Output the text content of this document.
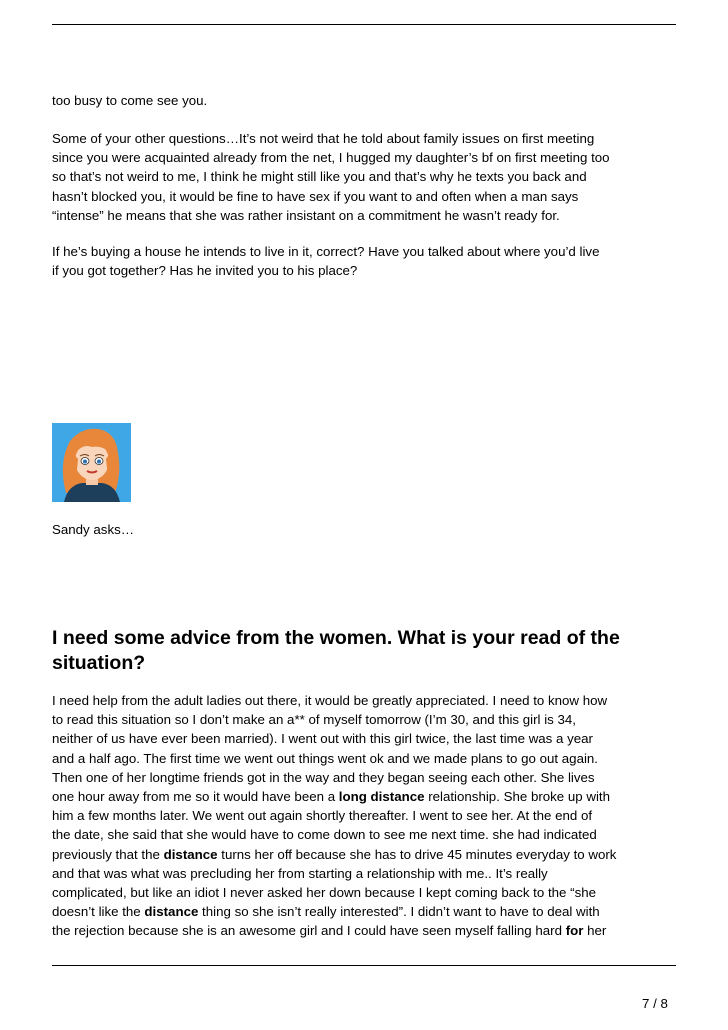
too busy to come see you.
Some of your other questions…It’s not weird that he told about family issues on first meeting
since you were acquainted already from the net, I hugged my daughter’s bf on first meeting too
so that’s not weird to me, I think he might still like you and that’s why he texts you back and
hasn’t blocked you, it would be fine to have sex if you want to and often when a man says
“intense” he means that she was rather insistant on a commitment he wasn’t ready for.
If he’s buying a house he intends to live in it, correct? Have you talked about where you’d live
if you got together? Has he invited you to his place?
Sandy asks…
I need some advice from the women. What is your read of the
situation?
I need help from the adult ladies out there, it would be greatly appreciated. I need to know how
to read this situation so I don’t make an a** of myself tomorrow (I’m 30, and this girl is 34,
neither of us have ever been married). I went out with this girl twice, the last time was a year
and a half ago. The first time we went out things went ok and we made plans to go out again.
Then one of her longtime friends got in the way and they began seeing each other. She lives
one hour away from me so it would have been a long distance relationship. She broke up with
him a few months later. We went out again shortly thereafter. I went to see her. At the end of
the date, she said that she would have to come down to see me next time. she had indicated
previously that the distance turns her off because she has to drive 45 minutes everyday to work
and that was what was precluding her from starting a relationship with me.. It’s really
complicated, but like an idiot I never asked her down because I kept coming back to the “she
doesn’t like the distance thing so she isn’t really interested”. I didn’t want to have to deal with
the rejection because she is an awesome girl and I could have seen myself falling hard for her
7 / 8
